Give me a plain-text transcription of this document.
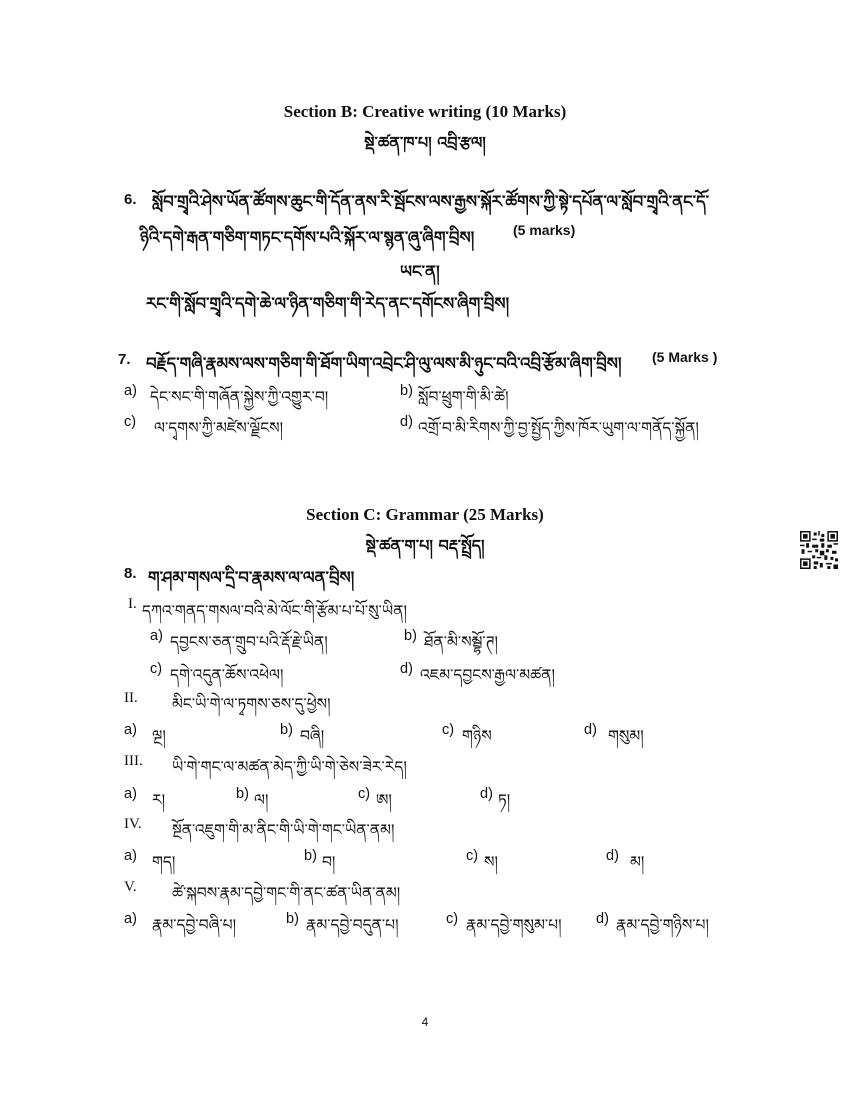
Section B: Creative writing (10 Marks)
སྡེ་ཚན་ཁ་པ། འབྲི་རྩལ།
6. སློབ་གྲྭའི་ཤེས་ཡོན་ཚོགས་ཆུང་གི་དོན་ནས་རི་སྦོངས་ལས་རྒྱས་སྐོར་ཚོགས་ཀྱི་སྟེ་དཔོན་ལ་སློབ་གྲྭའི་ནང་དོ་
ཉིའི་དགེ་རྒན་གཅིག་གཏང་དགོས་པའི་སྐོར་ལ་སྙན་ཞུ་ཞིག་བྲིས།	(5 marks)
ཡང་ན།
རང་གི་སློབ་གྲྭའི་དགེ་ཆེ་ལ་ཉིན་གཅིག་གི་རེད་ནང་དགོངས་ཞིག་བྲིས།
7. བརྗོད་གཞི་རྣམས་ལས་གཅིག་གི་ཐོག་ཡིག་འབྲེང་ཤི་ལུ་ལས་མི་ཉུང་བའི་འབྲི་རྩོམ་ཞིག་བྲིས། (5 Marks )
a) དེང་སང་གི་གཞོན་སྐྱེས་ཀྱི་འགྱུར་བ།	b) སློབ་ཕྲུག་གི་མི་ཚེ།
c) ལ་དྭགས་ཀྱི་མཛེས་ལྗོངས།	d) འགྲོ་བ་མི་རིགས་ཀྱི་བྱ་སྤྱོད་ཀྱིས་ཁོར་ཡུག་ལ་གནོད་སྐྱོན།
Section C: Grammar (25 Marks)
སྡེ་ཚན་ག་པ། བརྡ་སྤྲོད།
8. ག་ཤམ་གསལ་དྲི་བ་རྣམས་ལ་ལན་བྲིས།
I. དཀའ་གནད་གསལ་བའི་མེ་ལོང་གི་རྩོམ་པ་པོ་སུ་ཡིན།
a) དབྱངས་ཅན་གྲུབ་པའི་རྡོ་རྗེ་ཡིན།	b) ཐོན་མི་སམྦྷོ་ཊ།
c) དགེ་འདུན་ཆོས་འཕེལ།	d) འཇམ་དབྱངས་རྒྱལ་མཚན།
II. མིང་ཡི་གེ་ལ་ཏྭགས་ཅས་དུ་ཕྱེས།
a) ལྔ།	b) བཞི།	c) གཉིས	d) གསུམ།
III. ཡི་གེ་གང་ལ་མཚན་མེད་ཀྱི་ཡི་གེ་ཅེས་ཟེར་རེད།
a) ར།	b) ལ།	c) ཨ།	d) ཏ།
IV. སྔོན་འཇུག་གི་མ་ནིང་གི་ཡི་གེ་གང་ཡིན་ནམ།
a) གད།	b) བ།	c) ས།	d) མ།
V. ཚེ་སྐབས་རྣམ་དབྱེ་གང་གི་ནང་ཚན་ཡིན་ནམ།
a) རྣམ་དབྱེ་བཞི་པ།	b) རྣམ་དབྱེ་བདུན་པ།	c) རྣམ་དབྱེ་གསུམ་པ། d) རྣམ་དབྱེ་གཉིས་པ།
4
